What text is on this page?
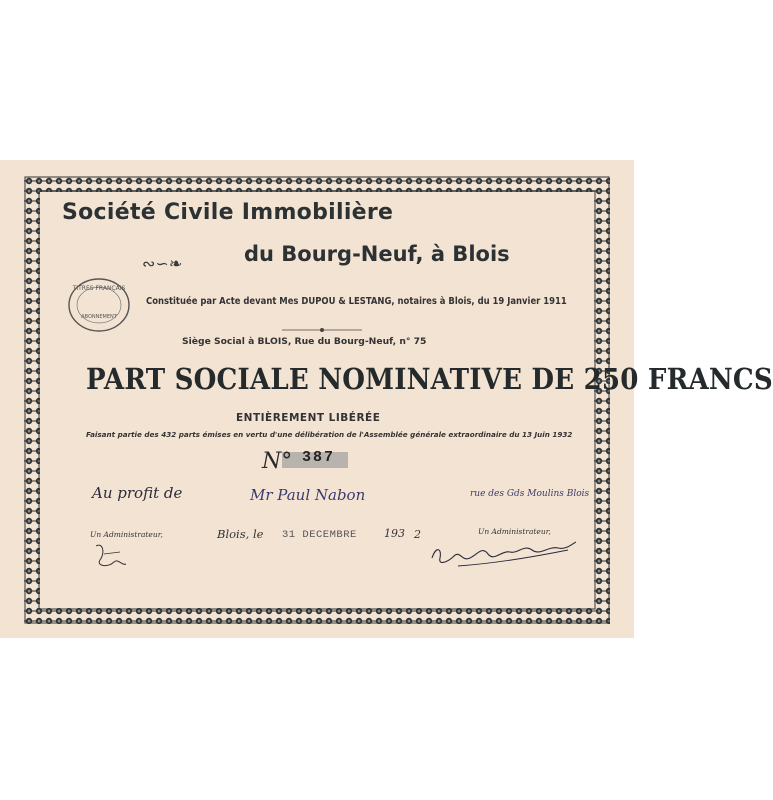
Société Civile Immobilière
∾∽❧	du Bourg-Neuf, à Blois
TITRES FRANÇAIS
ABONNEMENT
Constituée par Acte devant Mes DUPOU & LESTANG, notaires à Blois, du 19 Janvier 1911
Siège Social à BLOIS, Rue du Bourg-Neuf, n° 75
PART SOCIALE NOMINATIVE DE 250 FRANCS
ENTIÈREMENT LIBÉRÉE
Faisant partie des 432 parts émises en vertu d'une délibération de l'Assemblée générale extraordinaire du 13 Juin 1932
N° 387
Au profit de	Mr Paul Nabon	rue des Gds Moulins Blois
Un Administrateur,	Un Administrateur,
Blois, le 31 DECEMBRE 193 2
